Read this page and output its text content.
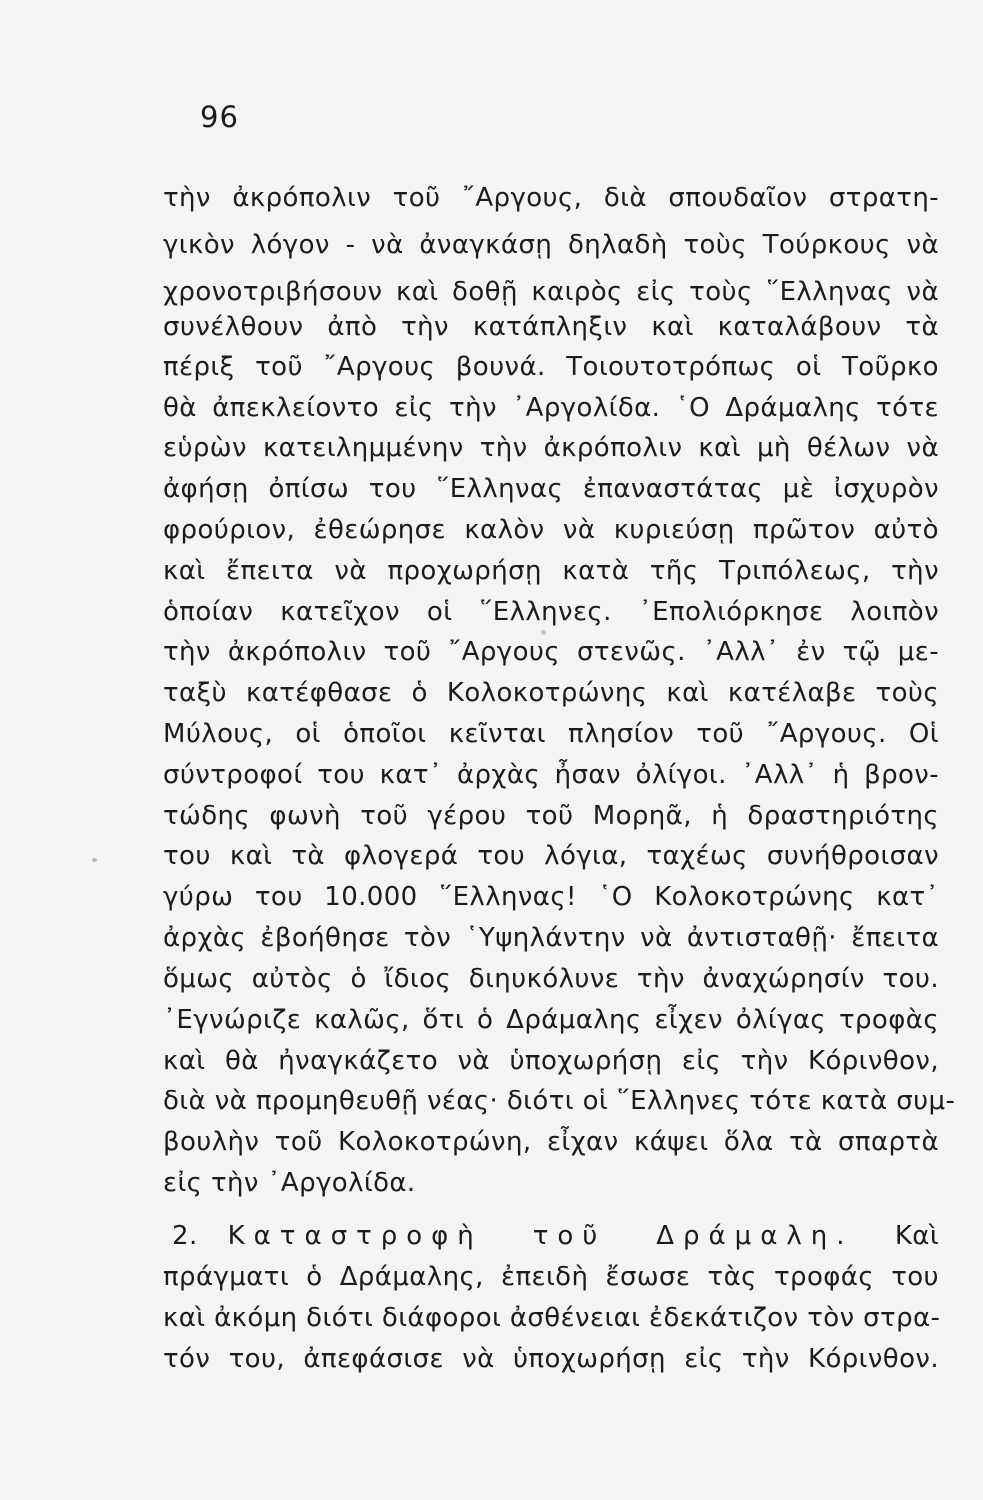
96
τὴν ἀκρόπολιν τοῦ ῎Αργους, διὰ σπουδαῖον στρατη-
γικὸν λόγον - νὰ ἀναγκάσῃ δηλαδὴ τοὺς Τούρκους νὰ
χρονοτριβήσουν καὶ δοθῇ καιρὸς εἰς τοὺς ῞Ελληνας νὰ
συνέλθουν ἀπὸ τὴν κατάπληξιν καὶ καταλάβουν τὰ
πέριξ τοῦ ῎Αργους βουνά. Τοιουτοτρόπως οἱ Τοῦρκο
θὰ ἀπεκλείοντο εἰς τὴν ᾿Αργολίδα. ῾Ο Δράμαλης τότε
εὑρὼν κατειλημμένην τὴν ἀκρόπολιν καὶ μὴ θέλων νὰ
ἀφήσῃ ὀπίσω του ῞Ελληνας ἐπαναστάτας μὲ ἰσχυρὸν
φρούριον, ἐθεώρησε καλὸν νὰ κυριεύσῃ πρῶτον αὐτὸ
καὶ ἔπειτα νὰ προχωρήσῃ κατὰ τῆς Τριπόλεως, τὴν
ὁποίαν κατεῖχον οἱ ῞Ελληνες. ᾿Επολιόρκησε λοιπὸν
τὴν ἀκρόπολιν τοῦ ῎Αργους στενῶς. ᾿Αλλ᾿ ἐν τῷ με-
ταξὺ κατέφθασε ὁ Κολοκοτρώνης καὶ κατέλαβε τοὺς
Μύλους, οἱ ὁποῖοι κεῖνται πλησίον τοῦ ῎Αργους. Οἱ
σύντροφοί του κατ᾿ ἀρχὰς ἦσαν ὀλίγοι. ᾿Αλλ᾿ ἡ βρον-
τώδης φωνὴ τοῦ γέρου τοῦ Μορηᾶ, ἡ δραστηριότης
του καὶ τὰ φλογερά του λόγια, ταχέως συνήθροισαν
γύρω του 10.000 ῞Ελληνας! ῾Ο Κολοκοτρώνης κατ᾿
ἀρχὰς ἐβοήθησε τὸν ῾Υψηλάντην νὰ ἀντισταθῇ· ἔπειτα
ὅμως αὐτὸς ὁ ἴδιος διηυκόλυνε τὴν ἀναχώρησίν του.
᾿Εγνώριζε καλῶς, ὅτι ὁ Δράμαλης εἶχεν ὀλίγας τροφὰς
καὶ θὰ ἠναγκάζετο νὰ ὑποχωρήσῃ εἰς τὴν Κόρινθον,
διὰ νὰ προμηθευθῇ νέας· διότι οἱ ῞Ελληνες τότε κατὰ συμ-
βουλὴν τοῦ Κολοκοτρώνη, εἶχαν κάψει ὅλα τὰ σπαρτὰ
εἰς τὴν ᾿Αργολίδα.
2. Καταστροφὴ τοῦ Δράμαλη. Καὶ
πράγματι ὁ Δράμαλης, ἐπειδὴ ἔσωσε τὰς τροφάς του
καὶ ἀκόμη διότι διάφοροι ἀσθένειαι ἐδεκάτιζον τὸν στρα-
τόν του, ἀπεφάσισε νὰ ὑποχωρήσῃ εἰς τὴν Κόρινθον.
